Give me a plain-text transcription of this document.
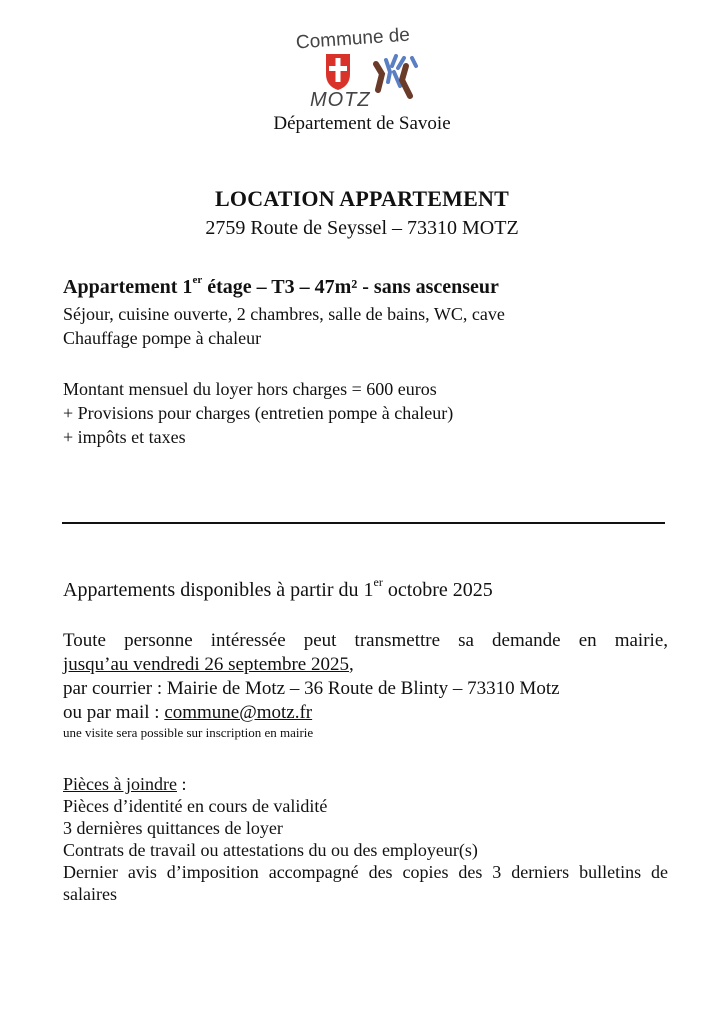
Commune de
MOTZ
Département de Savoie
LOCATION APPARTEMENT
2759 Route de Seyssel – 73310 MOTZ
Appartement 1er étage – T3 – 47m² - sans ascenseur
Séjour, cuisine ouverte, 2 chambres, salle de bains, WC, cave
Chauffage pompe à chaleur
Montant mensuel du loyer hors charges = 600 euros
+ Provisions pour charges (entretien pompe à chaleur)
+ impôts et taxes
Appartements disponibles à partir du 1er octobre 2025
Toute personne intéressée peut transmettre sa demande en mairie,
jusqu’au vendredi 26 septembre 2025,
par courrier : Mairie de Motz – 36 Route de Blinty – 73310 Motz
ou par mail : commune@motz.fr
une visite sera possible sur inscription en mairie
Pièces à joindre :
Pièces d’identité en cours de validité
3 dernières quittances de loyer
Contrats de travail ou attestations du ou des employeur(s)
Dernier avis d’imposition accompagné des copies des 3 derniers bulletins de salaires
